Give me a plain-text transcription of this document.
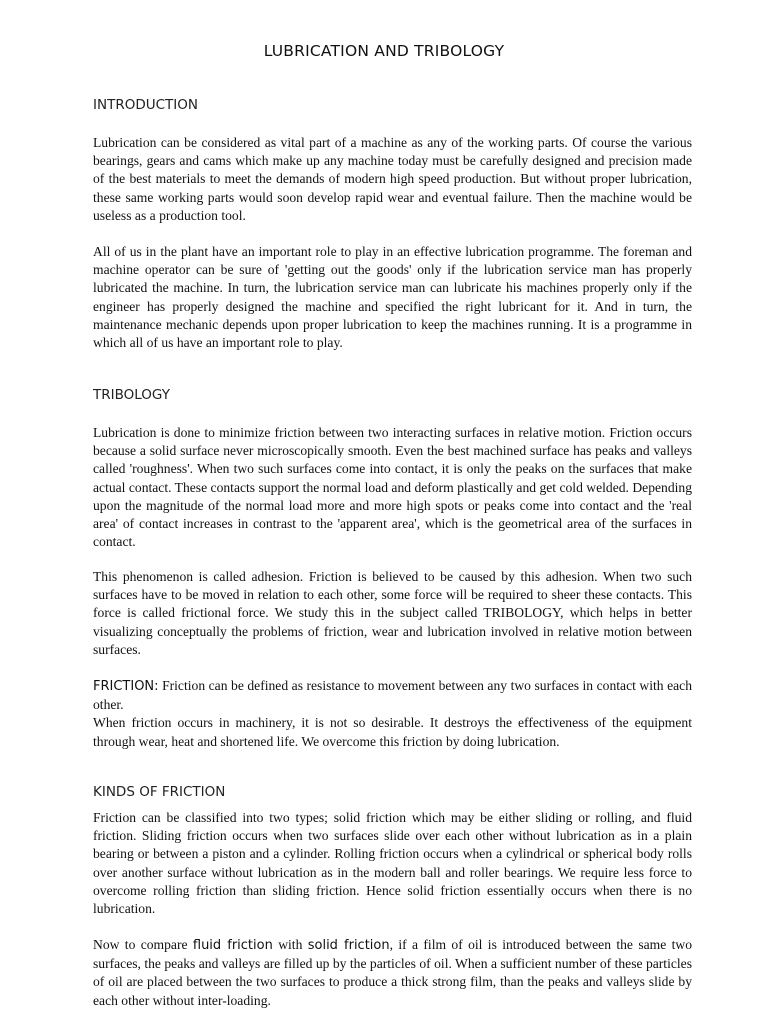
LUBRICATION AND TRIBOLOGY
INTRODUCTION

Lubrication can be considered as vital part of a machine as any of the working parts. Of course the various bearings, gears and cams which make up any machine today must be carefully designed and precision made of the best materials to meet the demands of modern high speed production. But without proper lubrication, these same working parts would soon develop rapid wear and eventual failure. Then the machine would be useless as a production tool.

All of us in the plant have an important role to play in an effective lubrication programme. The foreman and machine operator can be sure of 'getting out the goods' only if the lubrication service man has properly lubricated the machine. In turn, the lubrication service man can lubricate his machines properly only if the engineer has properly designed the machine and specified the right lubricant for it. And in turn, the maintenance mechanic depends upon proper lubrication to keep the machines running. It is a programme in which all of us have an important role to play.

TRIBOLOGY

Lubrication is done to minimize friction between two interacting surfaces in relative motion. Friction occurs because a solid surface never microscopically smooth. Even the best machined surface has peaks and valleys called 'roughness'. When two such surfaces come into contact, it is only the peaks on the surfaces that make actual contact. These contacts support the normal load and deform plastically and get cold welded. Depending upon the magnitude of the normal load more and more high spots or peaks come into contact and the 'real area' of contact increases in contrast to the 'apparent area', which is the geometrical area of the surfaces in contact.

This phenomenon is called adhesion. Friction is believed to be caused by this adhesion. When two such surfaces have to be moved in relation to each other, some force will be required to sheer these contacts. This force is called frictional force. We study this in the subject called TRIBOLOGY, which helps in better visualizing conceptually the problems of friction, wear and lubrication involved in relative motion between surfaces.

FRICTION: Friction can be defined as resistance to movement between any two surfaces in contact with each other.
When friction occurs in machinery, it is not so desirable. It destroys the effectiveness of the equipment through wear, heat and shortened life. We overcome this friction by doing lubrication.

KINDS OF FRICTION

Friction can be classified into two types; solid friction which may be either sliding or rolling, and fluid friction. Sliding friction occurs when two surfaces slide over each other without lubrication as in a plain bearing or between a piston and a cylinder. Rolling friction occurs when a cylindrical or spherical body rolls over another surface without lubrication as in the modern ball and roller bearings. We require less force to overcome rolling friction than sliding friction. Hence solid friction essentially occurs when there is no lubrication.

Now to compare fluid friction with solid friction, if a film of oil is introduced between the same two surfaces, the peaks and valleys are filled up by the particles of oil. When a sufficient number of these particles of oil are placed between the two surfaces to produce a thick strong film, than the peaks and valleys slide by each other without inter-loading.
